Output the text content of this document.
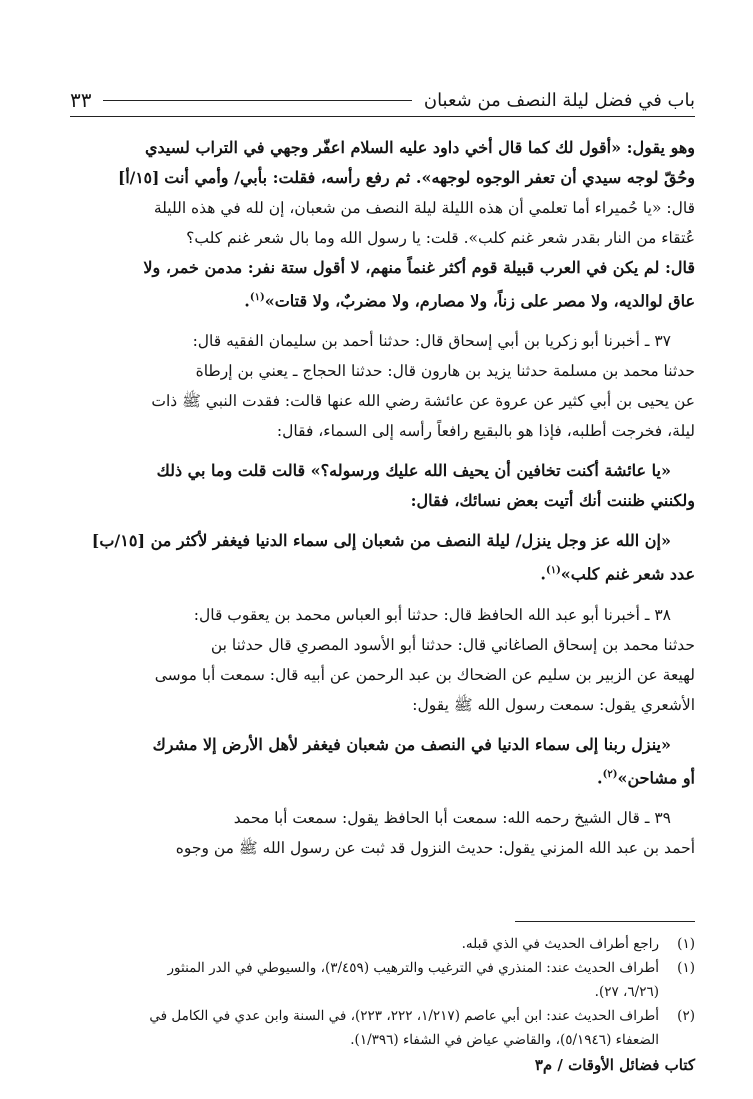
باب في فضل ليلة النصف من شعبان
٣٣

وهو يقول: «أقول لك كما قال أخي داود عليه السلام اعفّر وجهي في التراب لسيدي

وحُقّ لوجه سيدي أن تعفر الوجوه لوجهه». ثم رفع رأسه، فقلت: بأبي/ وأمي أنت [١٥/أ]

قال: «يا حُميراء أما تعلمي أن هذه الليلة ليلة النصف من شعبان، إن لله في هذه الليلة

عُتقاء من النار بقدر شعر غنم كلب». قلت: يا رسول الله وما بال شعر غنم كلب؟

قال: لم يكن في العرب قبيلة قوم أكثر غنماً منهم، لا أقول ستة نفر: مدمن خمر، ولا

عاق لوالديه، ولا مصر على زناً، ولا مصارم، ولا مضربٌ، ولا قتات»$^{(١)}$.

٣٧ ـ أخبرنا أبو زكريا بن أبي إسحاق قال: حدثنا أحمد بن سليمان الفقيه قال:

حدثنا محمد بن مسلمة حدثنا يزيد بن هارون قال: حدثنا الحجاج ـ يعني بن إرطاة

عن يحيى بن أبي كثير عن عروة عن عائشة رضي الله عنها قالت: فقدت النبي ﷺ ذات

ليلة، فخرجت أطلبه، فإذا هو بالبقيع رافعاً رأسه إلى السماء، فقال:

«يا عائشة أكنت تخافين أن يحيف الله عليك ورسوله؟» قالت قلت وما بي ذلك

ولكنني ظننت أنك أتيت بعض نسائك، فقال:

«إن الله عز وجل ينزل/ ليلة النصف من شعبان إلى سماء الدنيا فيغفر لأكثر من [١٥/ب]

عدد شعر غنم كلب»$^{(١)}$.

٣٨ ـ أخبرنا أبو عبد الله الحافظ قال: حدثنا أبو العباس محمد بن يعقوب قال:

حدثنا محمد بن إسحاق الصاغاني قال: حدثنا أبو الأسود المصري قال حدثنا بن

لهيعة عن الزبير بن سليم عن الضحاك بن عبد الرحمن عن أبيه قال: سمعت أبا موسى

الأشعري يقول: سمعت رسول الله ﷺ يقول:

«ينزل ربنا إلى سماء الدنيا في النصف من شعبان فيغفر لأهل الأرض إلا مشرك

أو مشاحن»$^{(٢)}$.

٣٩ ـ قال الشيخ رحمه الله: سمعت أبا الحافظ يقول: سمعت أبا محمد

أحمد بن عبد الله المزني يقول: حديث النزول قد ثبت عن رسول الله ﷺ من وجوه

(١)
راجع أطراف الحديث في الذي قبله.
(١)
أطراف الحديث عند: المنذري في الترغيب والترهيب (٣/٤٥٩)، والسيوطي في الدر المنثور
(٦/٢٦، ٢٧).
(٢)
أطراف الحديث عند: ابن أبي عاصم (١/٢١٧، ٢٢٢، ٢٢٣)، في السنة وابن عدي في الكامل في
الضعفاء (٥/١٩٤٦)، والقاضي عياض في الشفاء (١/٣٩٦).
كتاب فضائل الأوقات / م٣
